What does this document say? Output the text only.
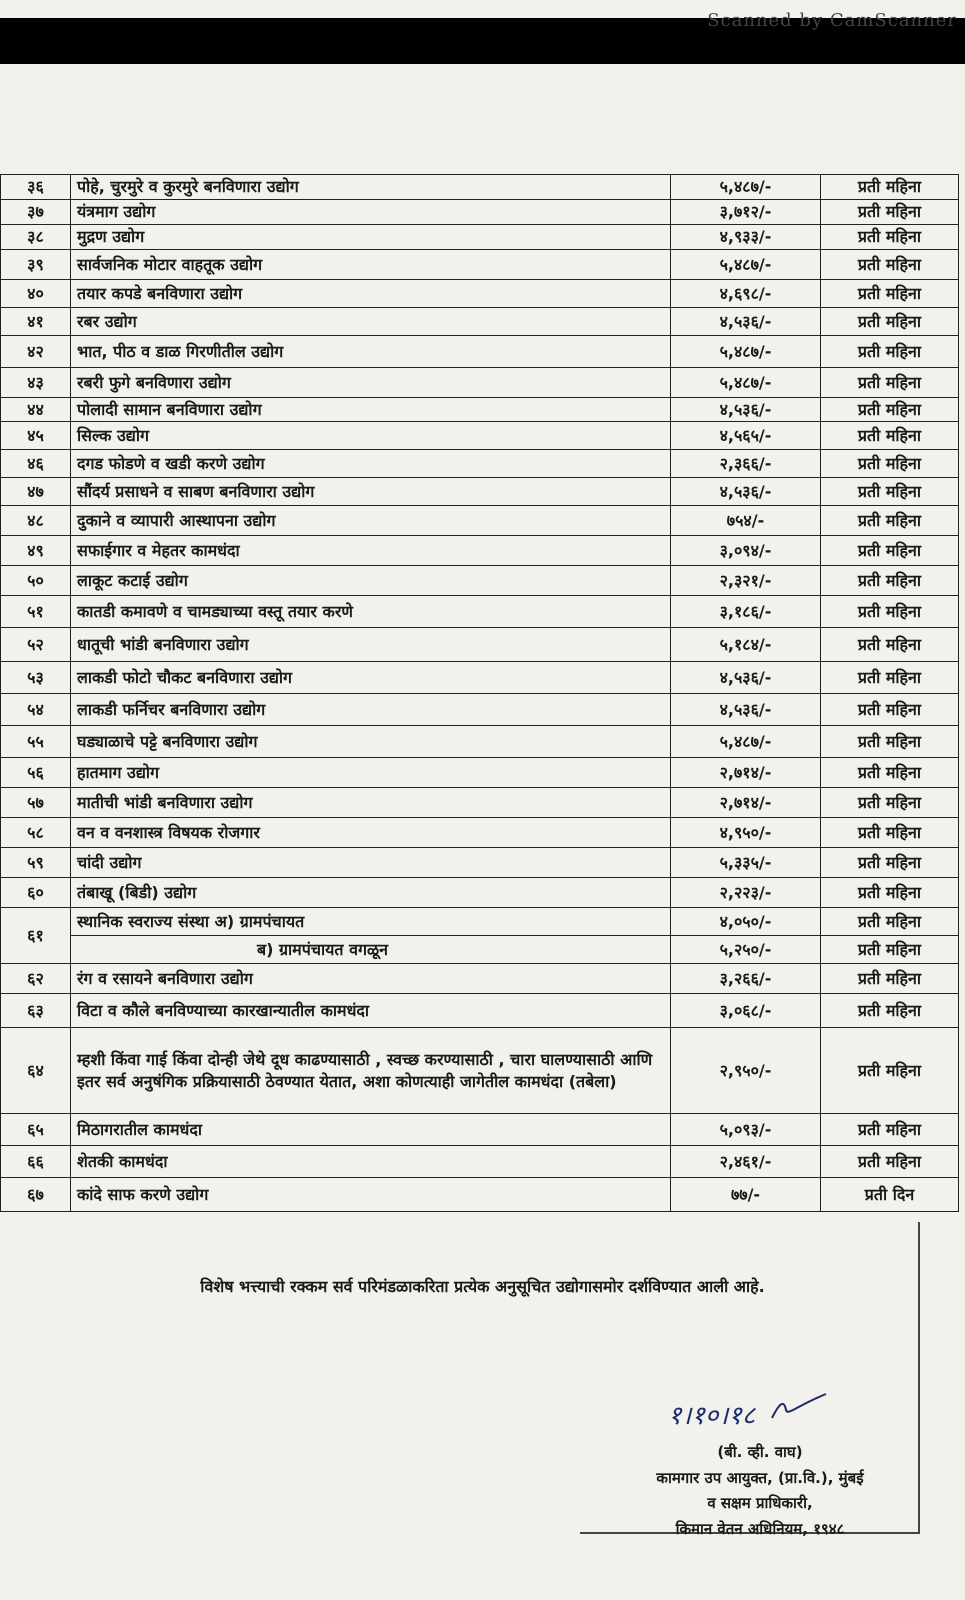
Scanned by CamScanner
३६	पोहे, चुरमुरे व कुरमुरे बनविणारा उद्योग	५,४८७/-	प्रती महिना
३७	यंत्रमाग उद्योग	३,७१२/-	प्रती महिना
३८	मुद्रण उद्योग	४,९३३/-	प्रती महिना
३९	सार्वजनिक मोटार वाहतूक उद्योग	५,४८७/-	प्रती महिना
४०	तयार कपडे बनविणारा उद्योग	४,६९८/-	प्रती महिना
४१	रबर उद्योग	४,५३६/-	प्रती महिना
४२	भात, पीठ व डाळ गिरणीतील उद्योग	५,४८७/-	प्रती महिना
४३	रबरी फुगे बनविणारा उद्योग	५,४८७/-	प्रती महिना
४४	पोलादी सामान बनविणारा उद्योग	४,५३६/-	प्रती महिना
४५	सिल्क उद्योग	४,५६५/-	प्रती महिना
४६	दगड फोडणे व खडी करणे उद्योग	२,३६६/-	प्रती महिना
४७	सौंदर्य प्रसाधने व साबण बनविणारा उद्योग	४,५३६/-	प्रती महिना
४८	दुकाने व व्यापारी आस्थापना उद्योग	७५४/-	प्रती महिना
४९	सफाईगार व मेहतर कामधंदा	३,०९४/-	प्रती महिना
५०	लाकूट कटाई उद्योग	२,३२१/-	प्रती महिना
५१	कातडी कमावणे व चामड्याच्या वस्तू तयार करणे	३,१८६/-	प्रती महिना
५२	धातूची भांडी बनविणारा उद्योग	५,१८४/-	प्रती महिना
५३	लाकडी फोटो चौकट बनविणारा उद्योग	४,५३६/-	प्रती महिना
५४	लाकडी फर्निचर बनविणारा उद्योग	४,५३६/-	प्रती महिना
५५	घड्याळाचे पट्टे बनविणारा उद्योग	५,४८७/-	प्रती महिना
५६	हातमाग उद्योग	२,७१४/-	प्रती महिना
५७	मातीची भांडी बनविणारा उद्योग	२,७१४/-	प्रती महिना
५८	वन व वनशास्त्र विषयक रोजगार	४,९५०/-	प्रती महिना
५९	चांदी उद्योग	५,३३५/-	प्रती महिना
६०	तंबाखू (बिडी) उद्योग	२,२२३/-	प्रती महिना
६१	स्थानिक स्वराज्य संस्था अ) ग्रामपंचायत	४,०५०/-	प्रती महिना

	ब) ग्रामपंचायत वगळून	५,२५०/-	प्रती महिना
६२	रंग व रसायने बनविणारा उद्योग	३,२६६/-	प्रती महिना
६३	विटा व कौले बनविण्याच्या कारखान्यातील कामधंदा	३,०६८/-	प्रती महिना
६४	म्हशी किंवा गाई किंवा दोन्ही जेथे दूध काढण्यासाठी , स्वच्छ करण्यासाठी , चारा घालण्यासाठी आणि इतर सर्व अनुषंगिक प्रक्रियासाठी ठेवण्यात येतात, अशा कोणत्याही जागेतील कामधंदा (तबेला)	२,९५०/-	प्रती महिना
६५	मिठागरातील कामधंदा	५,०९३/-	प्रती महिना
६६	शेतकी कामधंदा	२,४६१/-	प्रती महिना
६७	कांदे साफ करणे उद्योग	७७/-	प्रती दिन
विशेष भत्त्याची रक्कम सर्व परिमंडळाकरिता प्रत्येक अनुसूचित उद्योगासमोर दर्शविण्यात आली आहे.
१।१०।१८
(बी. व्ही. वाघ)
कामगार उप आयुक्त, (प्रा.वि.), मुंबई
व सक्षम प्राधिकारी,
किमान वेतन अधिनियम, १९४८
